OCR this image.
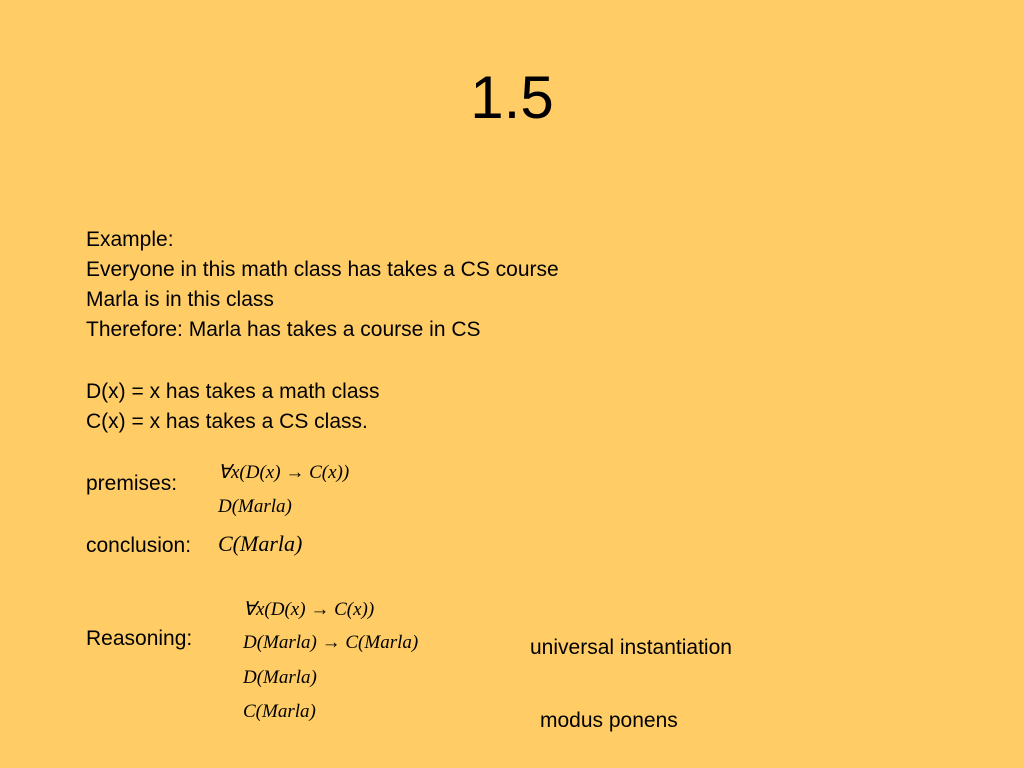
1.5
Example:
Everyone in this math class has takes a CS course
Marla is in this class
Therefore: Marla has takes a course in CS
D(x) = x has takes a math class
C(x) = x has takes a CS class.
premises: ∀x(D(x) → C(x))
D(Marla)
conclusion: C(Marla)
Reasoning:
∀x(D(x) → C(x))
D(Marla) → C(Marla)
D(Marla)
C(Marla)
universal instantiation
modus ponens
